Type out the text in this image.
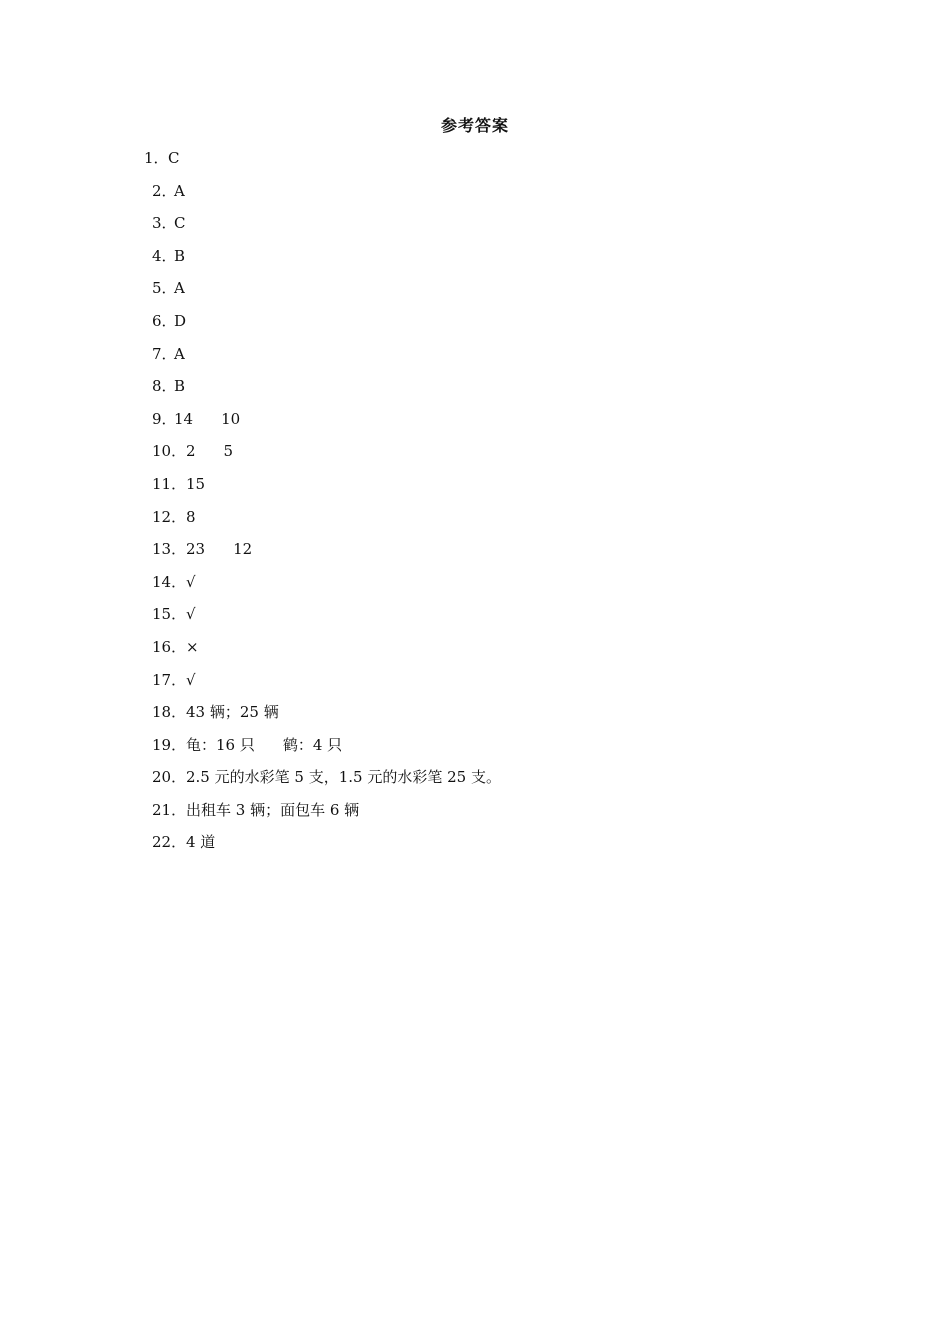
参考答案
1． C
2．
A
3．
C
4．
B
5．
A
6．
D
7．
A
8．
B
9．
14 10
10． 2 5
11． 15
12． 8
13． 23 12
14． √
15． √
16． ×
17． √
18． 43 辆；25 辆
19． 龟：16 只 鹤：4 只
20． 2.5 元的水彩笔 5 支，1.5 元的水彩笔 25 支。
21． 出租车 3 辆；面包车 6 辆
22． 4 道
